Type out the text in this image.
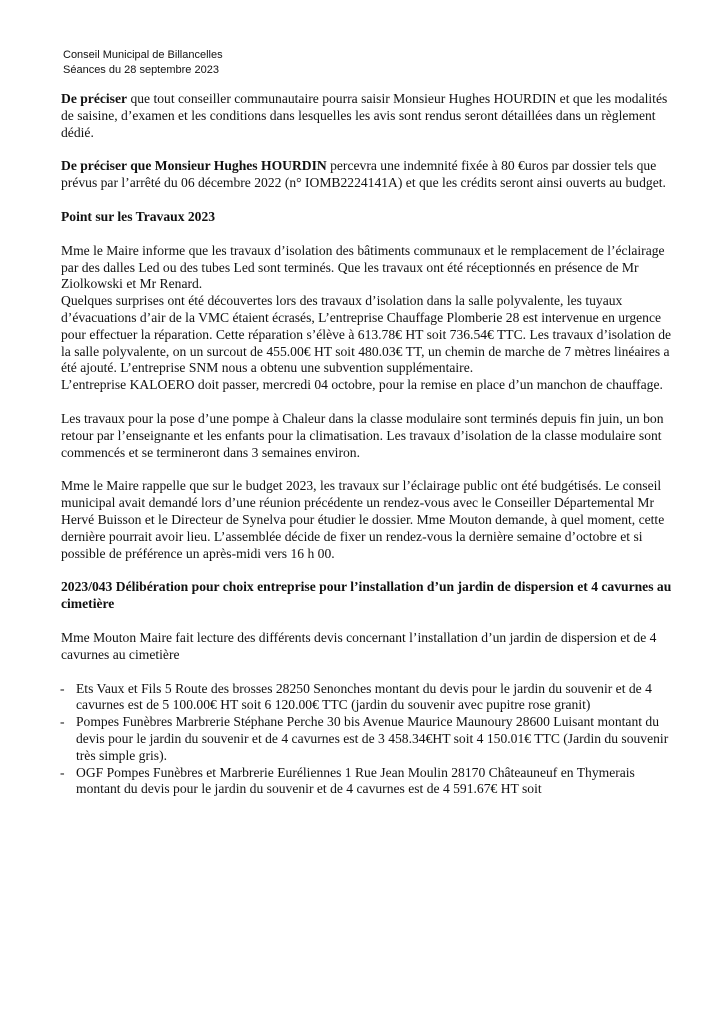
Conseil Municipal de Billancelles
Séances du 28 septembre 2023

De préciser que tout conseiller communautaire pourra saisir Monsieur Hughes HOURDIN et que les modalités de saisine, d’examen et les conditions dans lesquelles les avis sont rendus seront détaillées dans un règlement dédié.

De préciser que Monsieur Hughes HOURDIN percevra une indemnité fixée à 80 €uros par dossier tels que prévus par l’arrêté du 06 décembre 2022 (n° IOMB2224141A) et que les crédits seront ainsi ouverts au budget.

Point sur les Travaux 2023

Mme le Maire informe que les travaux d’isolation des bâtiments communaux et le remplacement de l’éclairage par des dalles Led ou des tubes Led sont terminés. Que les travaux ont été réceptionnés en présence de Mr Ziolkowski et Mr Renard.

Quelques surprises ont été découvertes lors des travaux d’isolation dans la salle polyvalente, les tuyaux d’évacuations d’air de la VMC étaient écrasés, L’entreprise Chauffage Plomberie 28 est intervenue en urgence pour effectuer la réparation. Cette réparation s’élève à 613.78€ HT soit 736.54€ TTC. Les travaux d’isolation de la salle polyvalente, on un surcout de 455.00€ HT soit 480.03€ TT, un chemin de marche de 7 mètres linéaires a été ajouté. L’entreprise SNM nous a obtenu une subvention supplémentaire.

L’entreprise KALOERO doit passer, mercredi 04 octobre, pour la remise en place d’un manchon de chauffage.

Les travaux pour la pose d’une pompe à Chaleur dans la classe modulaire sont terminés depuis fin juin, un bon retour par l’enseignante et les enfants pour la climatisation. Les travaux d’isolation de la classe modulaire sont commencés et se termineront dans 3 semaines environ.

Mme le Maire rappelle que sur le budget 2023, les travaux sur l’éclairage public ont été budgétisés. Le conseil municipal avait demandé lors d’une réunion précédente un rendez-vous avec le Conseiller Départemental Mr Hervé Buisson et le Directeur de Synelva pour étudier le dossier. Mme Mouton demande, à quel moment, cette dernière pourrait avoir lieu. L’assemblée décide de fixer un rendez-vous la dernière semaine d’octobre et si possible de préférence un après-midi vers 16 h 00.

2023/043 Délibération pour choix entreprise pour l’installation d’un jardin de dispersion et 4 cavurnes au cimetière

Mme Mouton Maire fait lecture des différents devis concernant l’installation d’un jardin de dispersion et de 4 cavurnes au cimetière

- Ets Vaux et Fils 5 Route des brosses 28250 Senonches montant du devis pour le jardin du souvenir et de 4 cavurnes est de 5 100.00€ HT soit 6 120.00€ TTC (jardin du souvenir avec pupitre rose granit)
- Pompes Funèbres Marbrerie Stéphane Perche 30 bis Avenue Maurice Maunoury 28600 Luisant montant du devis pour le jardin du souvenir et de 4 cavurnes est de 3 458.34€HT soit 4 150.01€ TTC (Jardin du souvenir très simple gris).
- OGF Pompes Funèbres et Marbrerie Euréliennes 1 Rue Jean Moulin 28170 Châteauneuf en Thymerais montant du devis pour le jardin du souvenir et de 4 cavurnes est de 4 591.67€ HT soit
